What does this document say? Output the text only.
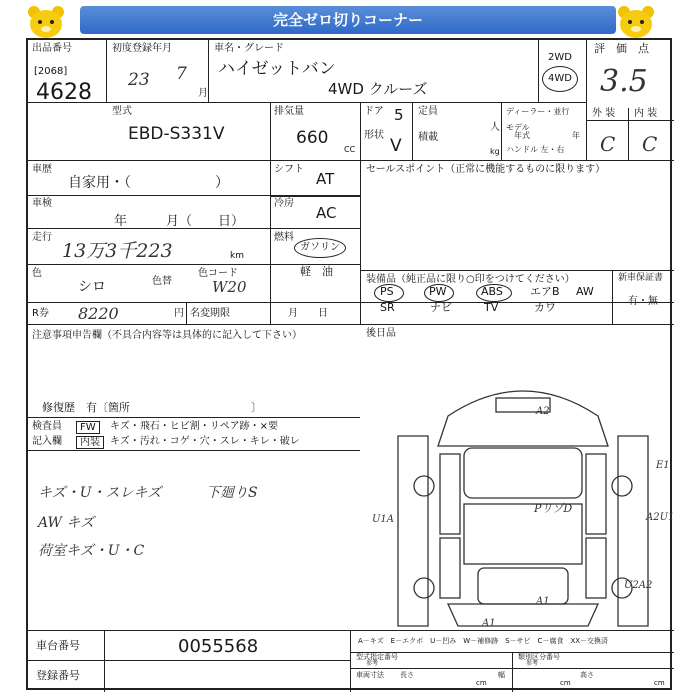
完全ゼロ切りコーナー
出品番号
[2068]
4628
初度登録年月
23 7
月
車名・グレード
ハイゼットバン
4WD クルーズ
2WD
4WD
評　価　点
3.5
型式
EBD-S331V
排気量
660
CC
ドア 5
形状
V
定員
人
積載
kg
ディーラー・並行
モデル
年式	年
ハンドル 左・右
外 装 内 装
C C
車歴
自家用・（　　　　　　）
車検
年　　　月（　　日）
走行
13万3千223	km
色
シロ	色替
色コード
W20
シフト
AT
冷房
AC
燃料
ガソリン
軽　油
R券 8220	円 名変期限	月　　日
セールスポイント（正常に機能するものに限ります）
装備品（純正品に限り○印をつけてください）	新車保証書
有・無
PS	PW	ABS エアB AW
SR	ナビ	TV	カワ
後日品
注意事項申告欄（不具合内容等は具体的に記入して下さい）
修復歴　有〔箇所　　　　　　　　　　　〕
検査員	FW	キズ・飛石・ヒビ割・リペア跡・×要
記入欄	内装	キズ・汚れ・コゲ・穴・スレ・キレ・破レ
キズ・U・スレキズ	下廻りS
AW キズ
荷室キズ・U・C
A2
E1
U1A	A2U1
PリゾD
U2A2
A1
A1
車台番号	0055568
登録番号
A－キズ　E－エクボ　U－凹み　W－補修跡　S－サビ　C－腐食　XX－交換済
型式指定番号
参考
類別区分番号
参考
車両寸法 長さ
cm
幅
cm
高さ
cm
